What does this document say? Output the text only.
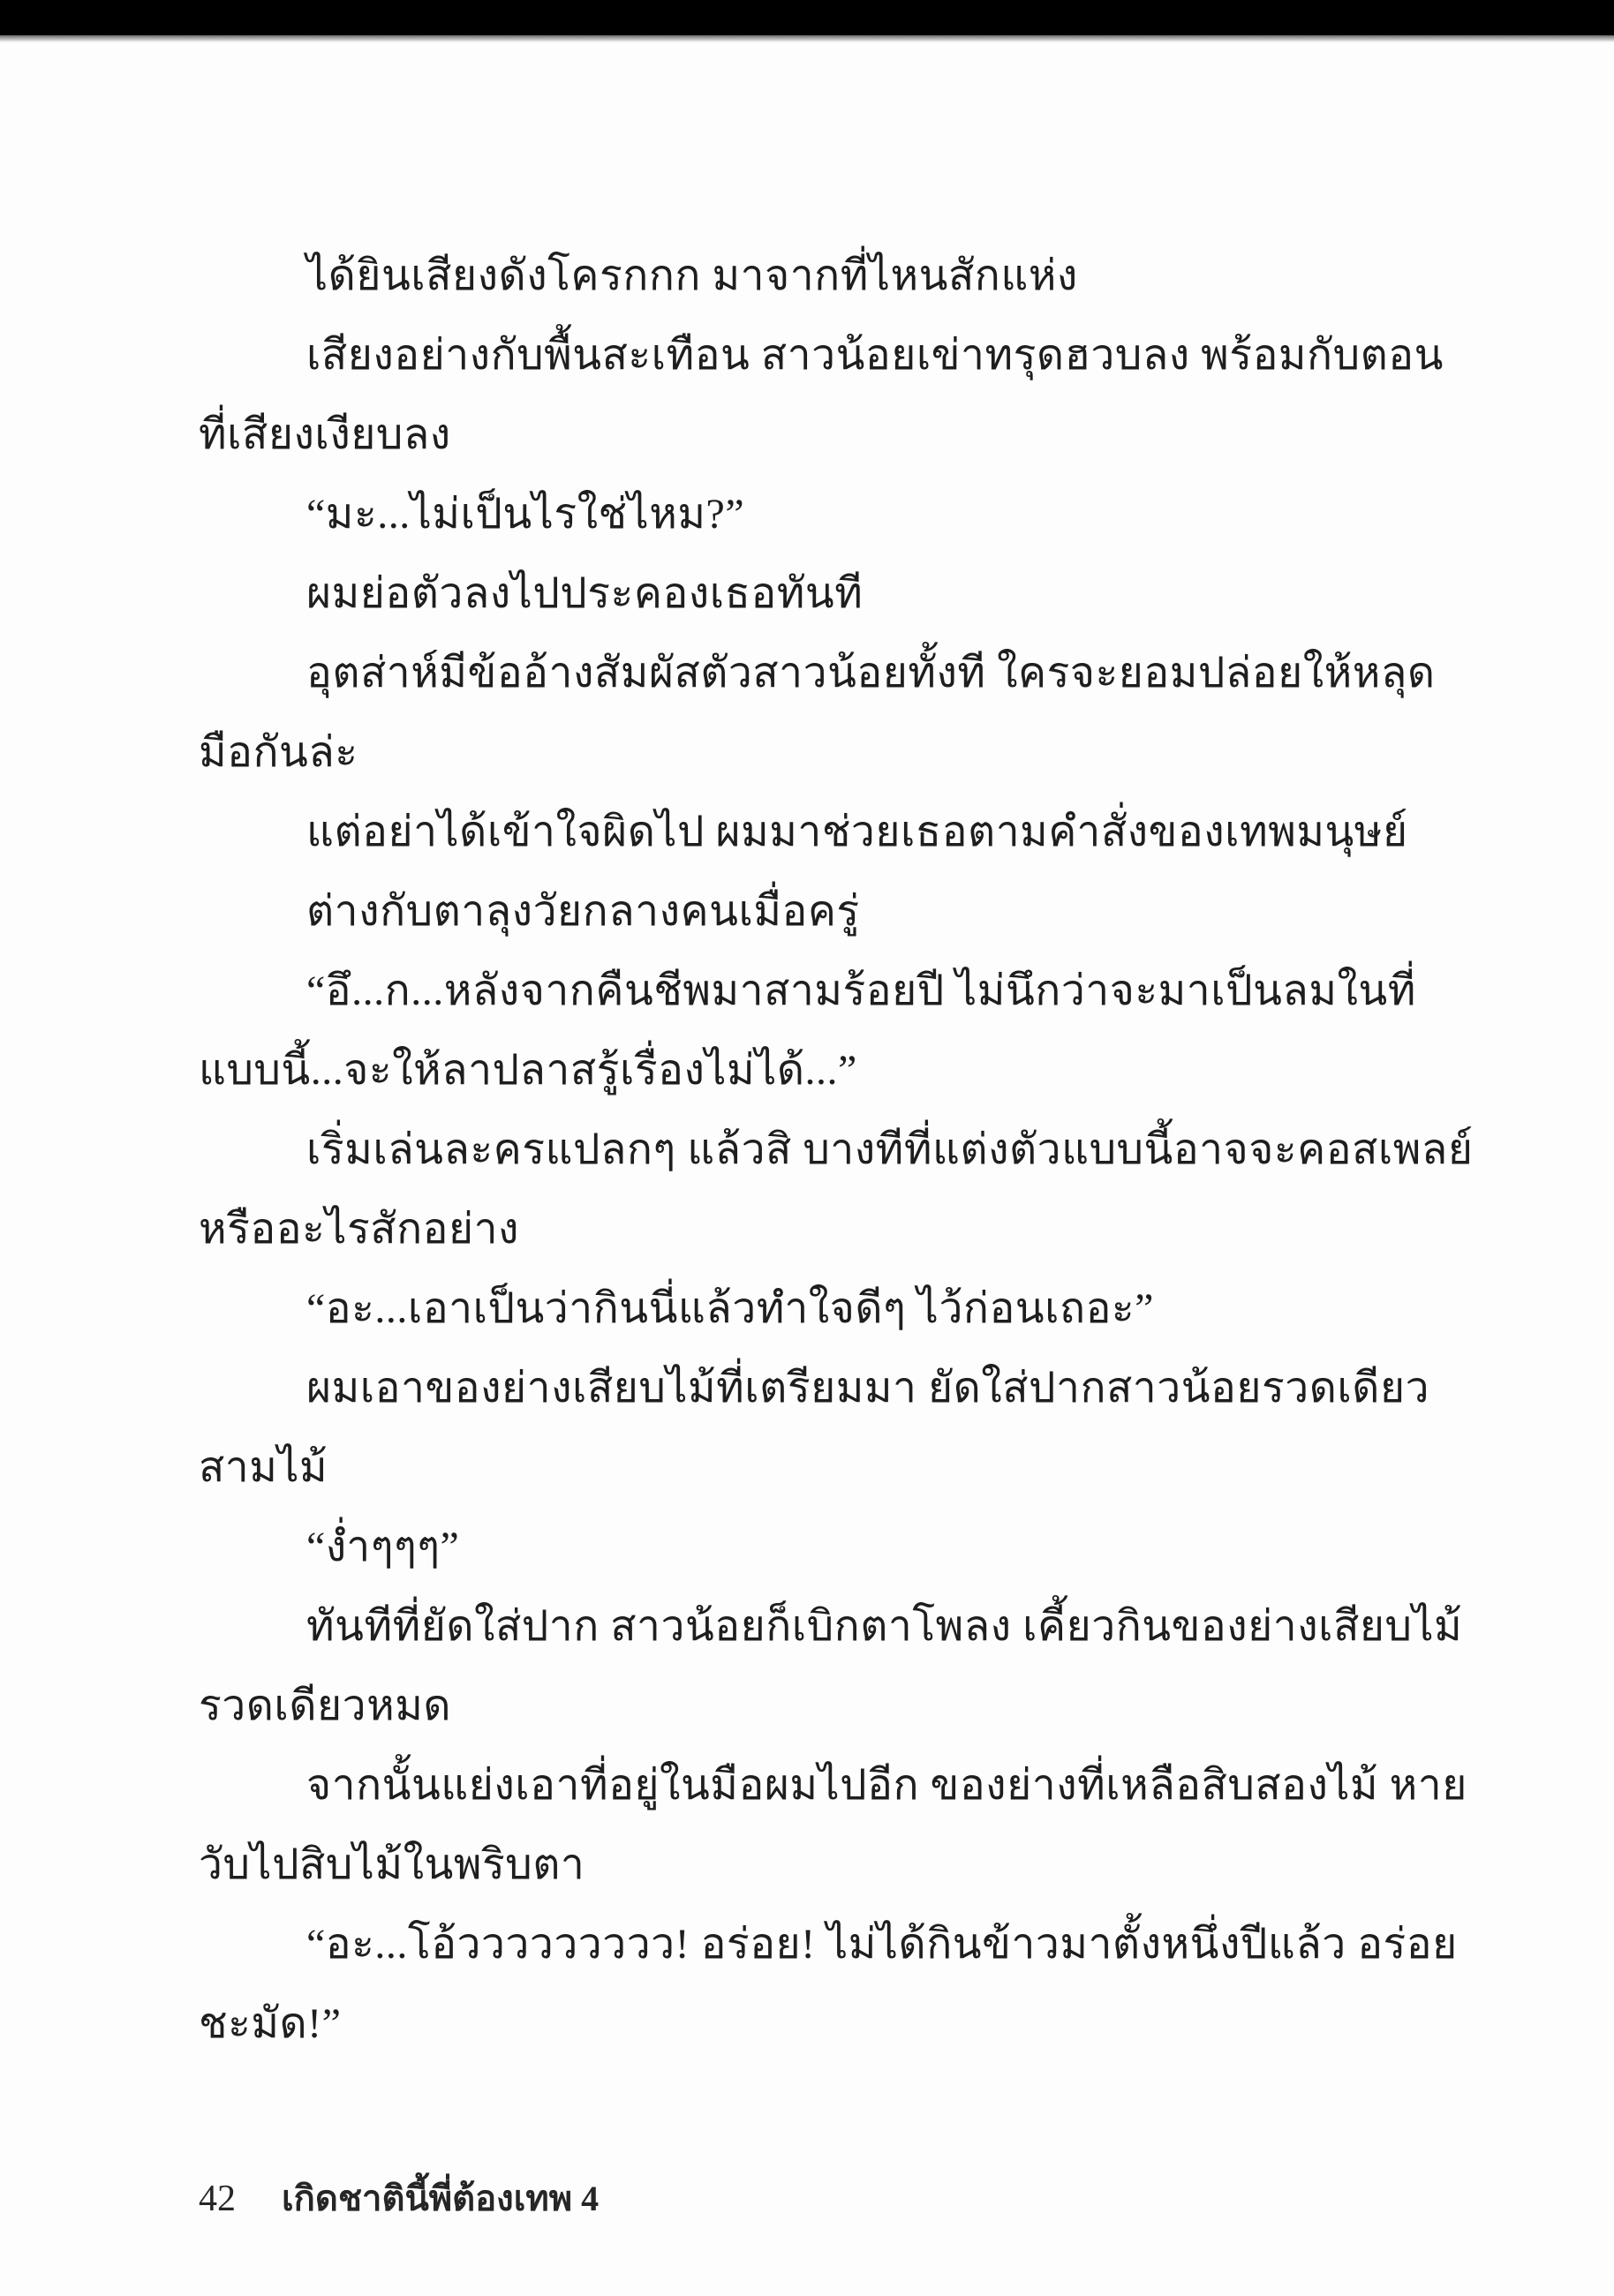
ได้ยินเสียงดังโครกกก มาจากที่ไหนสักแห่ง
เสียงอย่างกับพื้นสะเทือน สาวน้อยเข่าทรุดฮวบลง พร้อมกับตอน
ที่เสียงเงียบลง
“มะ...ไม่เป็นไรใช่ไหม?”
ผมย่อตัวลงไปประคองเธอทันที
อุตส่าห์มีข้ออ้างสัมผัสตัวสาวน้อยทั้งที ใครจะยอมปล่อยให้หลุด
มือกันล่ะ
แต่อย่าได้เข้าใจผิดไป ผมมาช่วยเธอตามคำสั่งของเทพมนุษย์
ต่างกับตาลุงวัยกลางคนเมื่อครู่
“อึ...ก...หลังจากคืนชีพมาสามร้อยปี ไม่นึกว่าจะมาเป็นลมในที่
แบบนี้...จะให้ลาปลาสรู้เรื่องไม่ได้...”
เริ่มเล่นละครแปลกๆ แล้วสิ บางทีที่แต่งตัวแบบนี้อาจจะคอสเพลย์
หรืออะไรสักอย่าง
“อะ...เอาเป็นว่ากินนี่แล้วทำใจดีๆ ไว้ก่อนเถอะ”
ผมเอาของย่างเสียบไม้ที่เตรียมมา ยัดใส่ปากสาวน้อยรวดเดียว
สามไม้
“ง่ำๆๆๆ”
ทันทีที่ยัดใส่ปาก สาวน้อยก็เบิกตาโพลง เคี้ยวกินของย่างเสียบไม้
รวดเดียวหมด
จากนั้นแย่งเอาที่อยู่ในมือผมไปอีก ของย่างที่เหลือสิบสองไม้ หาย
วับไปสิบไม้ในพริบตา
“อะ...โอ้ววววววววว! อร่อย! ไม่ได้กินข้าวมาตั้งหนึ่งปีแล้ว อร่อย
ชะมัด!”
42 เกิดชาตินี้พี่ต้องเทพ 4
